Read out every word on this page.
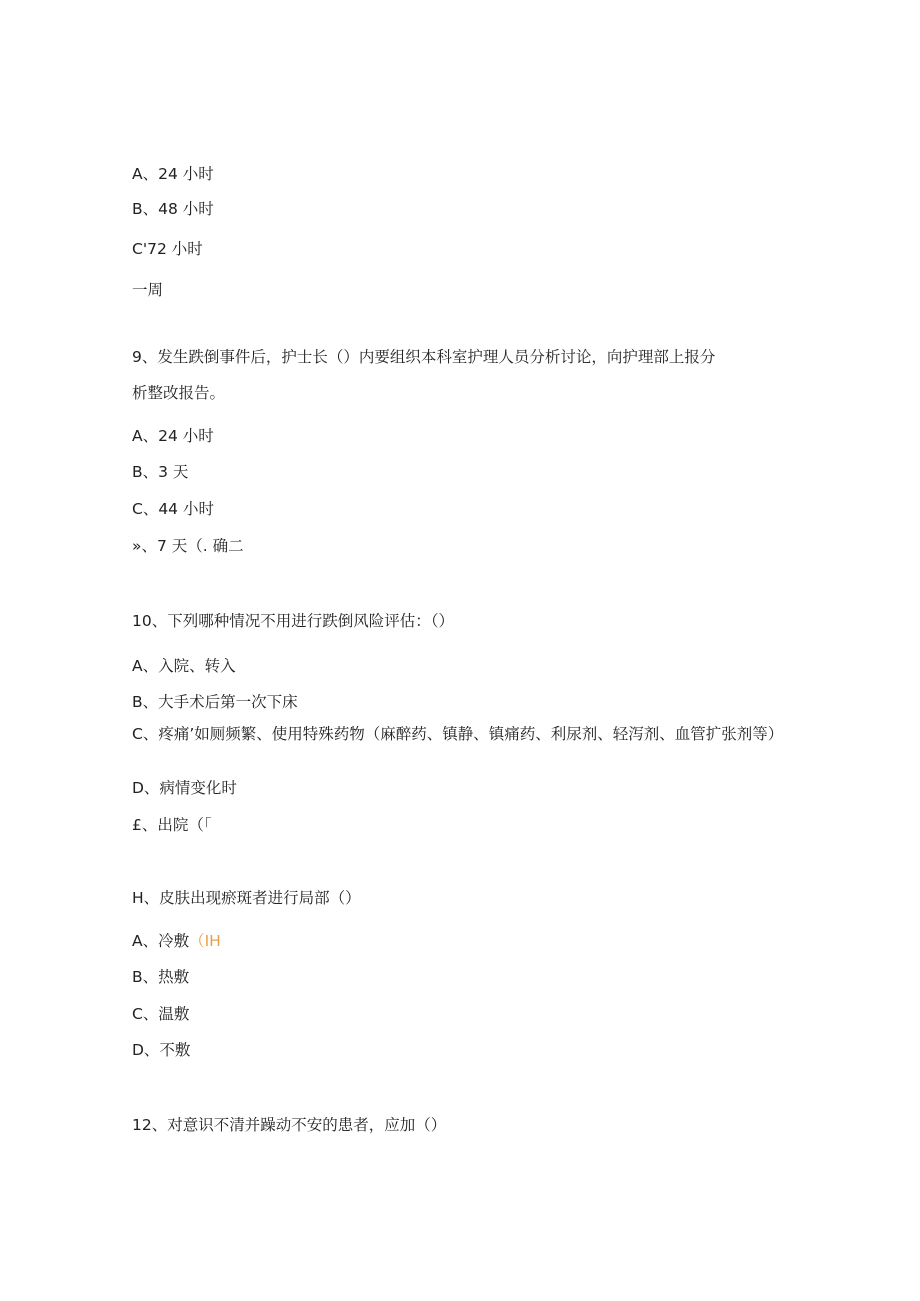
A、24 小时
B、48 小时
C'72 小时
一周
9、发生跌倒事件后，护士长（）内要组织本科室护理人员分析讨论，向护理部上报分
析整改报告。
A、24 小时
B、3 天
C、44 小时
»、7 天（. 确二
10、下列哪种情况不用进行跌倒风险评估：（）
A、入院、转入
B、大手术后第一次下床
C、疼痛’如厕频繁、使用特殊药物（麻醉药、镇静、镇痛药、利尿剂、轻泻剂、血管扩张剂等）
D、病情变化时
£、出院（「
H、皮肤出现瘀斑者进行局部（）
A、冷敷（IH
B、热敷
C、温敷
D、不敷
12、对意识不清并躁动不安的患者，应加（）
